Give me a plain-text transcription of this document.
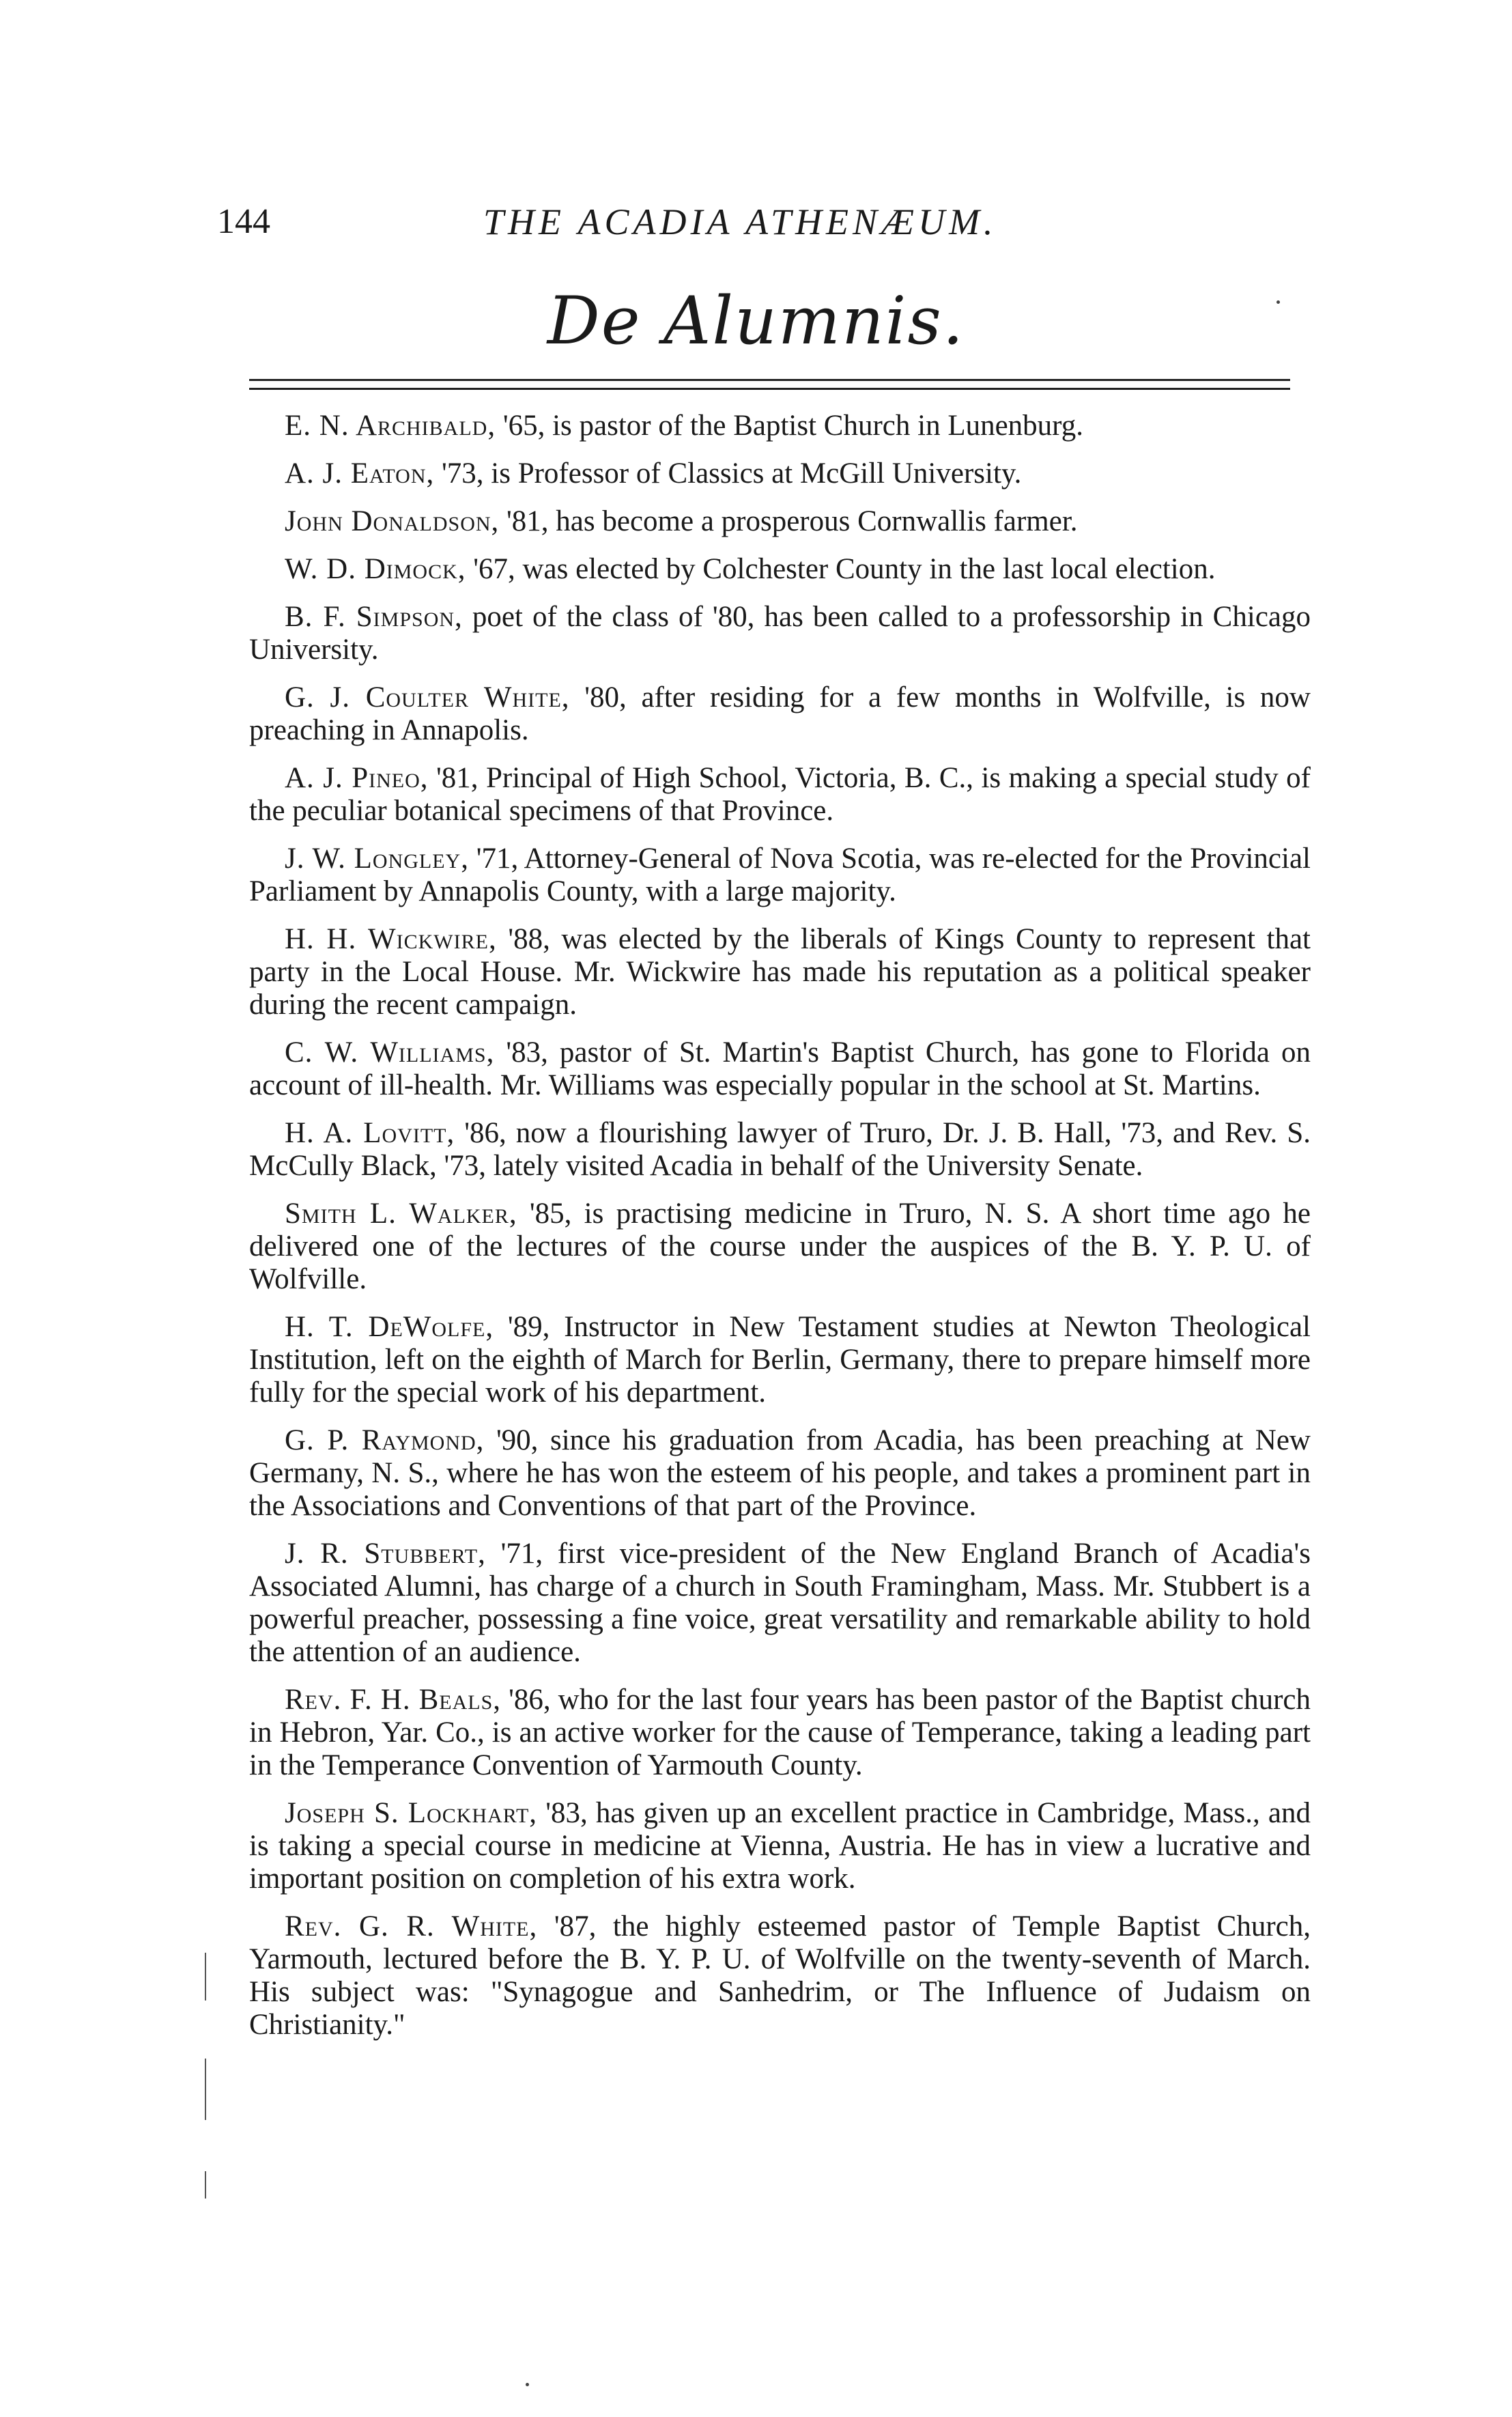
144	THE ACADIA ATHENÆUM.
De Alumnis.

E. N. Archibald, '65, is pastor of the Baptist Church in Lunenburg.

A. J. Eaton, '73, is Professor of Classics at McGill University.

John Donaldson, '81, has become a prosperous Cornwallis farmer.

W. D. Dimock, '67, was elected by Colchester County in the last local election.

B. F. Simpson, poet of the class of '80, has been called to a professorship in Chicago University.

G. J. Coulter White, '80, after residing for a few months in Wolfville, is now preaching in Annapolis.

A. J. Pineo, '81, Principal of High School, Victoria, B. C., is making a special study of the peculiar botanical specimens of that Province.

J. W. Longley, '71, Attorney-General of Nova Scotia, was re-elected for the Provincial Parliament by Annapolis County, with a large majority.

H. H. Wickwire, '88, was elected by the liberals of Kings County to represent that party in the Local House. Mr. Wickwire has made his reputation as a political speaker during the recent campaign.

C. W. Williams, '83, pastor of St. Martin's Baptist Church, has gone to Florida on account of ill-health. Mr. Williams was especially popular in the school at St. Martins.

H. A. Lovitt, '86, now a flourishing lawyer of Truro, Dr. J. B. Hall, '73, and Rev. S. McCully Black, '73, lately visited Acadia in behalf of the University Senate.

Smith L. Walker, '85, is practising medicine in Truro, N. S. A short time ago he delivered one of the lectures of the course under the auspices of the B. Y. P. U. of Wolfville.

H. T. DeWolfe, '89, Instructor in New Testament studies at Newton Theological Institution, left on the eighth of March for Berlin, Germany, there to prepare himself more fully for the special work of his department.

G. P. Raymond, '90, since his graduation from Acadia, has been preaching at New Germany, N. S., where he has won the esteem of his people, and takes a prominent part in the Associations and Conventions of that part of the Province.

J. R. Stubbert, '71, first vice-president of the New England Branch of Acadia's Associated Alumni, has charge of a church in South Framingham, Mass. Mr. Stubbert is a powerful preacher, possessing a fine voice, great versatility and remarkable ability to hold the attention of an audience.

Rev. F. H. Beals, '86, who for the last four years has been pastor of the Baptist church in Hebron, Yar. Co., is an active worker for the cause of Temperance, taking a leading part in the Temperance Convention of Yarmouth County.

Joseph S. Lockhart, '83, has given up an excellent practice in Cambridge, Mass., and is taking a special course in medicine at Vienna, Austria. He has in view a lucrative and important position on completion of his extra work.

Rev. G. R. White, '87, the highly esteemed pastor of Temple Baptist Church, Yarmouth, lectured before the B. Y. P. U. of Wolfville on the twenty-seventh of March. His subject was: "Synagogue and Sanhedrim, or The Influence of Judaism on Christianity."
